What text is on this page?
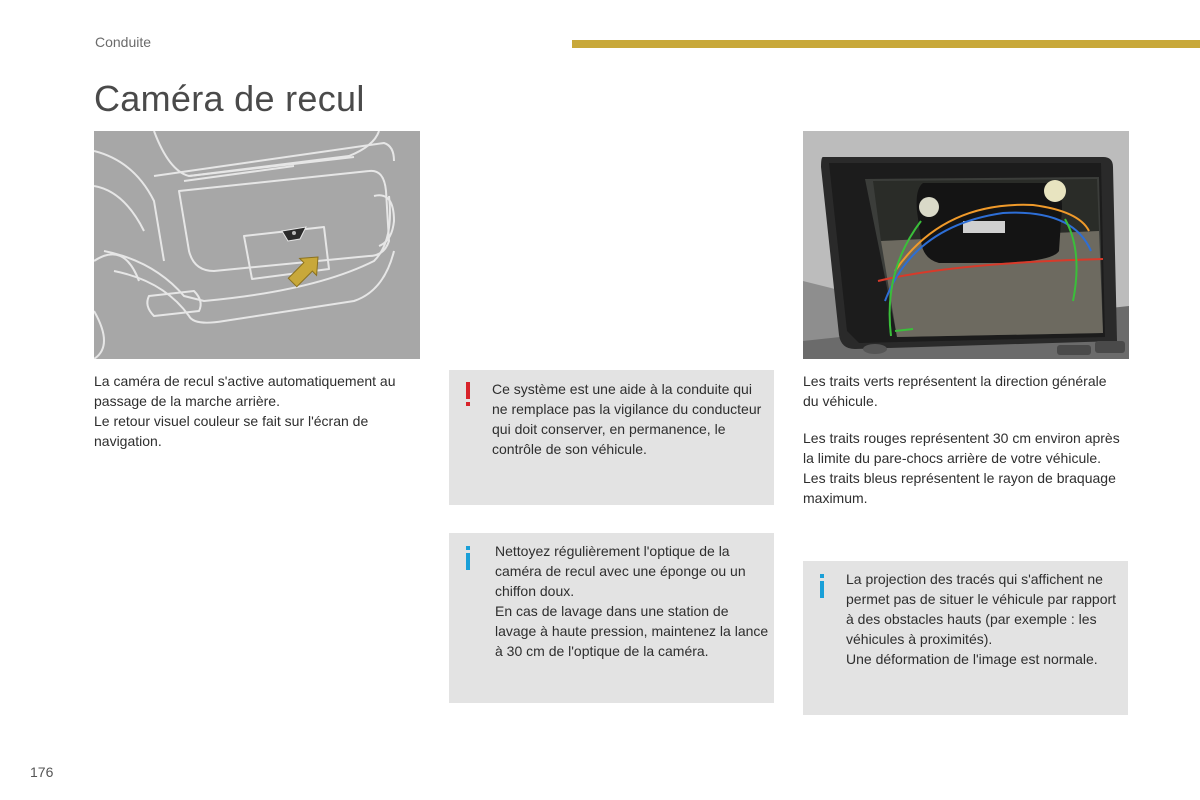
Conduite
Caméra de recul

La caméra de recul s'active automatiquement au passage de la marche arrière.

Le retour visuel couleur se fait sur l'écran de navigation.

Ce système est une aide à la conduite qui ne remplace pas la vigilance du conducteur qui doit conserver, en permanence, le contrôle de son véhicule.

Nettoyez régulièrement l'optique de la caméra de recul avec une éponge ou un chiffon doux.

En cas de lavage dans une station de lavage à haute pression, maintenez la lance à 30 cm de l'optique de la caméra.

Les traits verts représentent la direction générale du véhicule.

Les traits rouges représentent 30 cm environ après la limite du pare-chocs arrière de votre véhicule.

Les traits bleus représentent le rayon de braquage maximum.

La projection des tracés qui s'affichent ne permet pas de situer le véhicule par rapport à des obstacles hauts (par exemple : les véhicules à proximités).

Une déformation de l'image est normale.

176
